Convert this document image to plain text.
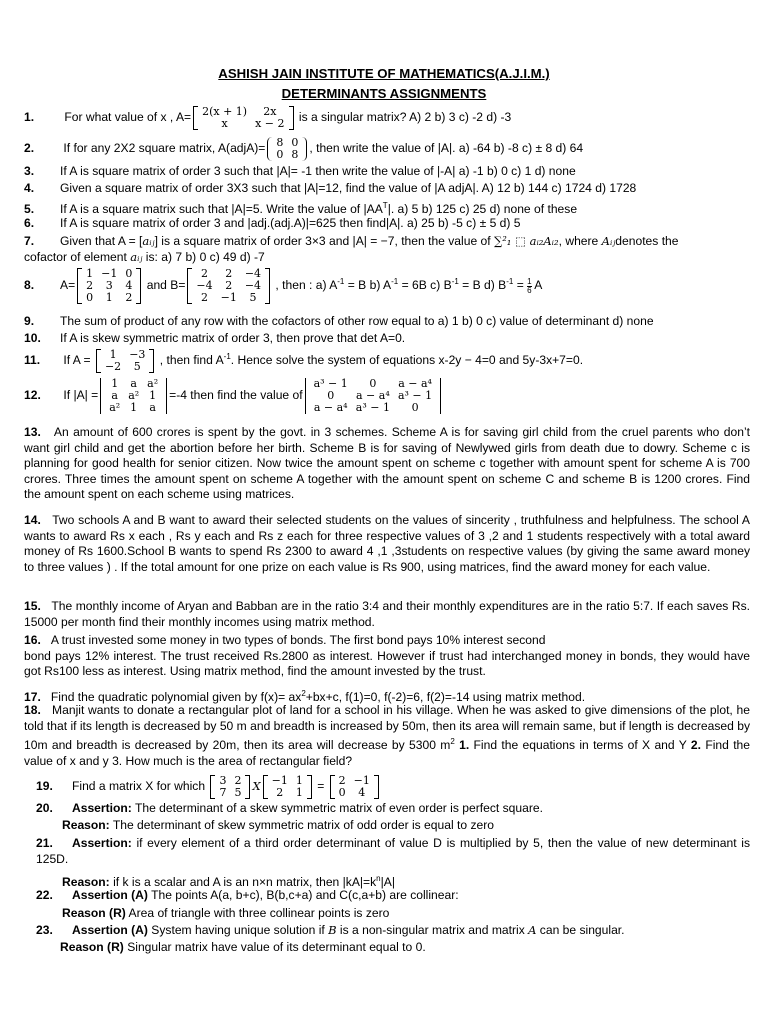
ASHISH JAIN INSTITUTE OF MATHEMATICS(A.J.I.M.)
DETERMINANTS ASSIGNMENTS
1.	For what value of x , A= 2(x + 1)	2x
x	x − 2 is a singular matrix? A) 2 b) 3 c) -2 d) -3
2. If for any 2X2 square matrix, A(adjA)= 8	0
0	8 , then write the value of |A|. a) -64 b) -8 c) ± 8 d) 64
3. If A is square matrix of order 3 such that |A|= -1 then write the value of |-A| a) -1 b) 0 c) 1 d) none
4. Given a square matrix of order 3X3 such that |A|=12, find the value of |A adjA|. A) 12 b) 144 c) 1724 d) 1728
5. If A is a square matrix such that |A|=5. Write the value of $|AA^T|$. a) 5 b) 125 c) 25 d) none of these
6. If A is square matrix of order 3 and |adj.(adj.A)|=625 then find|A|. a) 25 b) -5 c) ± 5 d) 5
7. Given that A = [aᵢⱼ] is a square matrix of order 3×3 and |A| = −7, then the value of ∑²₁ ⬚ aᵢ₂Aᵢ₂, where Aᵢⱼdenotes the
cofactor of element aᵢⱼ is: a) 7 b) 0 c) 49 d) -7
8. A=
1	−1	0
2	3	4
0	1	2
and B=
2	2	−4
−4	2	−4
2	−1	5
, then : a) $A^{-1} = B$ b) $A^{-1} = 6B$ c) $B^{-1} = B$ d) $B^{-1} = \frac{1}{6}$ A
9. The sum of product of any row with the cofactors of other row equal to a) 1 b) 0 c) value of determinant d) none
10. If A is skew symmetric matrix of order 3, then prove that det A=0.
11. If A = 1	−3
−2	5 , then find $A^{-1}$. Hence solve the system of equations x-2y − 4=0 and 5y-3x+7=0.
12. If |A| =
1	a	a²
a	a²	1
a²	1	a
=-4 then find the value of
a³ − 1	0	a − a⁴
0	a − a⁴	a³ − 1
a − a⁴	a³ − 1	0
13. An amount of 600 crores is spent by the govt. in 3 schemes. Scheme A is for saving girl child from the cruel parents who don’t want girl child and get the abortion before her birth. Scheme B is for saving of Newlywed girls from death due to dowry. Scheme c is planning for good health for senior citizen. Now twice the amount spent on scheme c together with amount spent for scheme A is 700 crores. Three times the amount spent on scheme A together with the amount spent on scheme C and scheme B is 1200 crores. Find the amount spent on each scheme using matrices.
14. Two schools A and B want to award their selected students on the values of sincerity , truthfulness and helpfulness. The school A wants to award Rs x each , Rs y each and Rs z each for three respective values of 3 ,2 and 1 students respectively with a total award money of Rs 1600.School B wants to spend Rs 2300 to award 4 ,1 ,3students on respective values (by giving the same award money to three values ) . If the total amount for one prize on each value is Rs 900, using matrices, find the award money for each value.
15. The monthly income of Aryan and Babban are in the ratio 3:4 and their monthly expenditures are in the ratio 5:7. If each saves Rs. 15000 per month find their monthly incomes using matrix method.
16. A trust invested some money in two types of bonds. The first bond pays 10% interest second
bond pays 12% interest. The trust received Rs.2800 as interest. However if trust had interchanged money in bonds, they would have got Rs100 less as interest. Using matrix method, find the amount invested by the trust.
17. Find the quadratic polynomial given by $f(x)= ax^2+bx+c$, f(1)=0, f(-2)=6, f(2)=-14 using matrix method.
18. Manjit wants to donate a rectangular plot of land for a school in his village. When he was asked to give dimensions of the plot, he told that if its length is decreased by 50 m and breadth is increased by 50m, then its area will remain same, but if length is decreased by 10m and breadth is decreased by 20m, then its area will decrease by 5300 $m^2$ 1. Find the equations in terms of X and Y 2. Find the value of x and y 3. How much is the area of rectangular field?
19. Find a matrix X for which 3	2
7	5 X −1	1
2	1 = 2	−1
0	4
20. Assertion: The determinant of a skew symmetric matrix of even order is perfect square.
Reason: The determinant of skew symmetric matrix of odd order is equal to zero
21. Assertion: if every element of a third order determinant of value D is multiplied by 5, then the value of new determinant is 125D.
Reason: if k is a scalar and A is an n×n matrix, then $|kA|=k^n|A|$
22. Assertion (A) The points A(a, b+c), B(b,c+a) and C(c,a+b) are collinear:
Reason (R) Area of triangle with three collinear points is zero
23. Assertion (A) System having unique solution if B is a non-singular matrix and matrix A can be singular.
Reason (R) Singular matrix have value of its determinant equal to 0.
